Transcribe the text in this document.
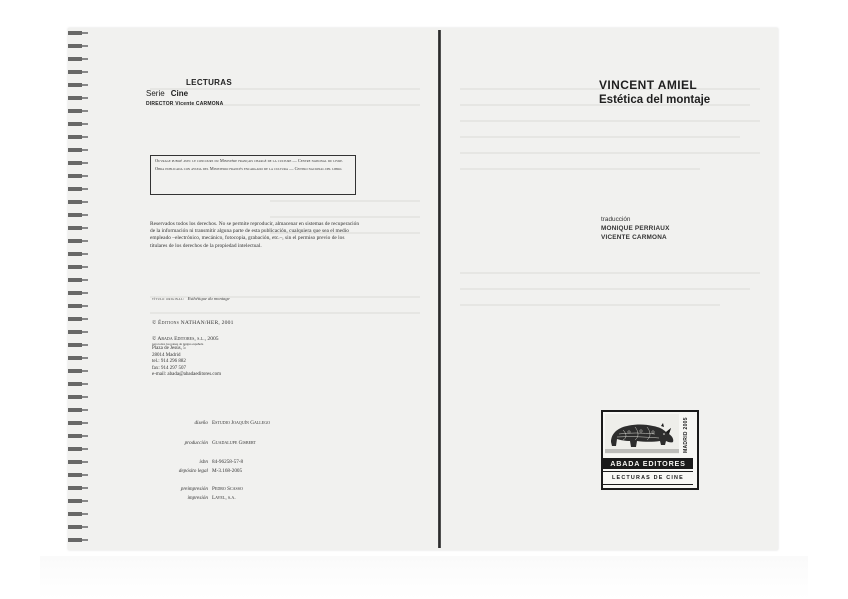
LECTURAS
Serie Cine
DIRECTOR Vicente CARMONA

Ouvrage publié avec le concours du Ministère français chargé de la culture — Centre national du livre.

Obra publicada con ayuda del Ministerio francés encargado de la cultura — Centro nacional del libro.

Reservados todos los derechos. No se permite reproducir, almacenar en sistemas de recuperación de la información ni transmitir alguna parte de esta publicación, cualquiera que sea el medio empleado –electrónico, mecánico, fotocopia, grabación, etc.–, sin el permiso previo de los titulares de los derechos de la propiedad intelectual.
título original: Esthétique du montage
© Éditions NATHAN/HER, 2001
© Abada Editores, s.l., 2005
para todos los países de lengua española
Plaza de Jesús, 5
28014 Madrid
tel.: 914 296 882
fax: 914 297 507
e-mail: abada@abadaeditores.com
diseño Estudio Joaquín Gallego
producción Guadalupe Gisbert
isbn 84-96258-57-8
depósito legal M-3.168-2005
preimpresión Pedro Scasso
impresión Lavel, s.a.
VINCENT AMIEL
Estética del montaje
traducción
MONIQUE PERRIAUX
VICENTE CARMONA
MADRID 2005
ABADA EDITORES
LECTURAS DE CINE
